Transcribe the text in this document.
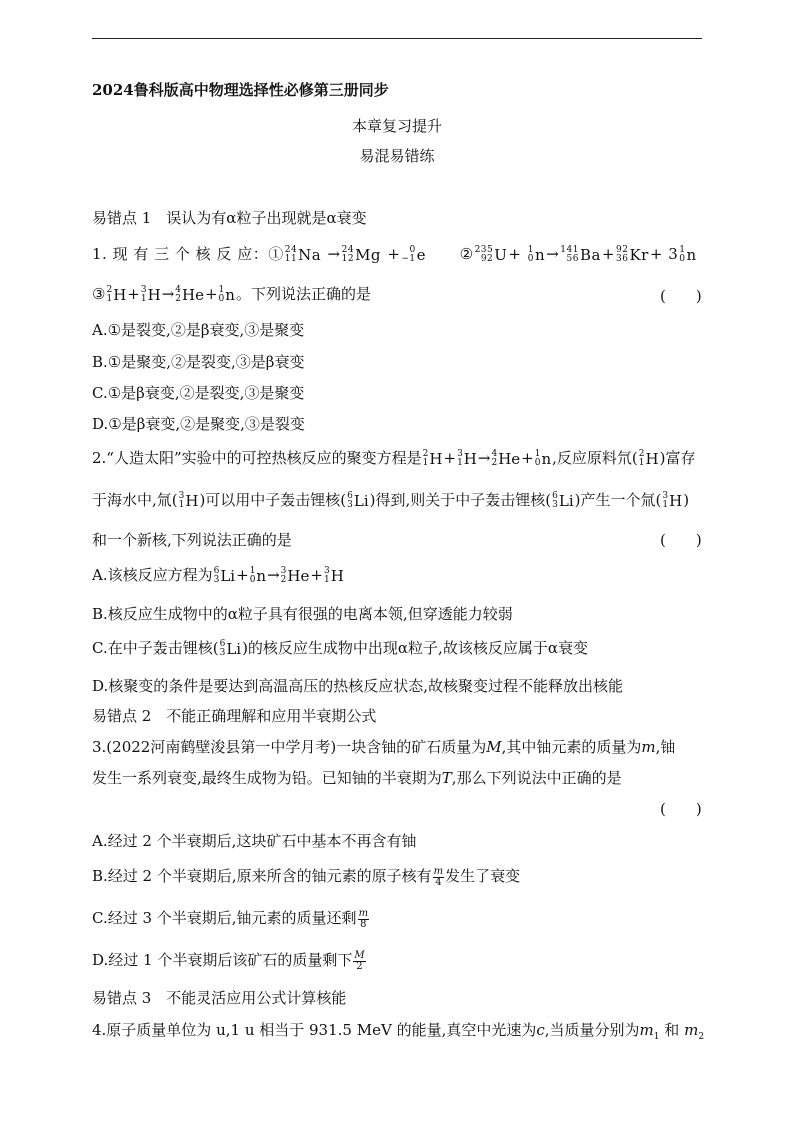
2024鲁科版高中物理选择性必修第三册同步
本章复习提升
易混易错练
易错点 1　误认为有α粒子出现就是α衰变
1. 现 有 三 个 核 反 应：① 24
11 Na → 24
12 Mg +	0
−1 e ② 235
92 U + 1
0 n → 141
56 Ba + 92
36 Kr + 3 1
0 n
③ 2
1 H + 3
1 H → 4
2 He + 1
0 n 。下列说法正确的是	(　　)
A.①是裂变,②是β衰变,③是聚变
B.①是聚变,②是裂变,③是β衰变
C.①是β衰变,②是裂变,③是聚变
D.①是β衰变,②是聚变,③是裂变
2.“人造太阳”实验中的可控热核反应的聚变方程是 2
1 H + 3
1 H → 4
2 He + 1
0 n ,反应原料氘( 2
1 H )富存
于海水中,氚( 3
1 H )可以用中子轰击锂核( 6
3 Li )得到,则关于中子轰击锂核( 6
3 Li )产生一个氚( 3
1 H )
和一个新核,下列说法正确的是	(　　)
A.该核反应方程为 6
3 Li + 1
0 n → 3
2 He + 3
1 H
B.核反应生成物中的α粒子具有很强的电离本领,但穿透能力较弱
C.在中子轰击锂核( 6
3 Li )的核反应生成物中出现α粒子,故该核反应属于α衰变
D.核聚变的条件是要达到高温高压的热核反应状态,故核聚变过程不能释放出核能
易错点 2　不能正确理解和应用半衰期公式
3.(2022河南鹤壁浚县第一中学月考)一块含铀的矿石质量为M,其中铀元素的质量为m,铀
发生一系列衰变,最终生成物为铅。已知铀的半衰期为T,那么下列说法中正确的是
(　　)
A.经过 2 个半衰期后,这块矿石中基本不再含有铀
B.经过 2 个半衰期后,原来所含的铀元素的原子核有 $\frac{m}{4}$ 发生了衰变
C.经过 3 个半衰期后,铀元素的质量还剩 $\frac{m}{8}$
D.经过 1 个半衰期后该矿石的质量剩下 $\frac{M}{2}$
易错点 3　不能灵活应用公式计算核能
4.原子质量单位为 u,1 u 相当于 931.5 MeV 的能量,真空中光速为c,当质量分别为$m_1$ 和 $m_2$
